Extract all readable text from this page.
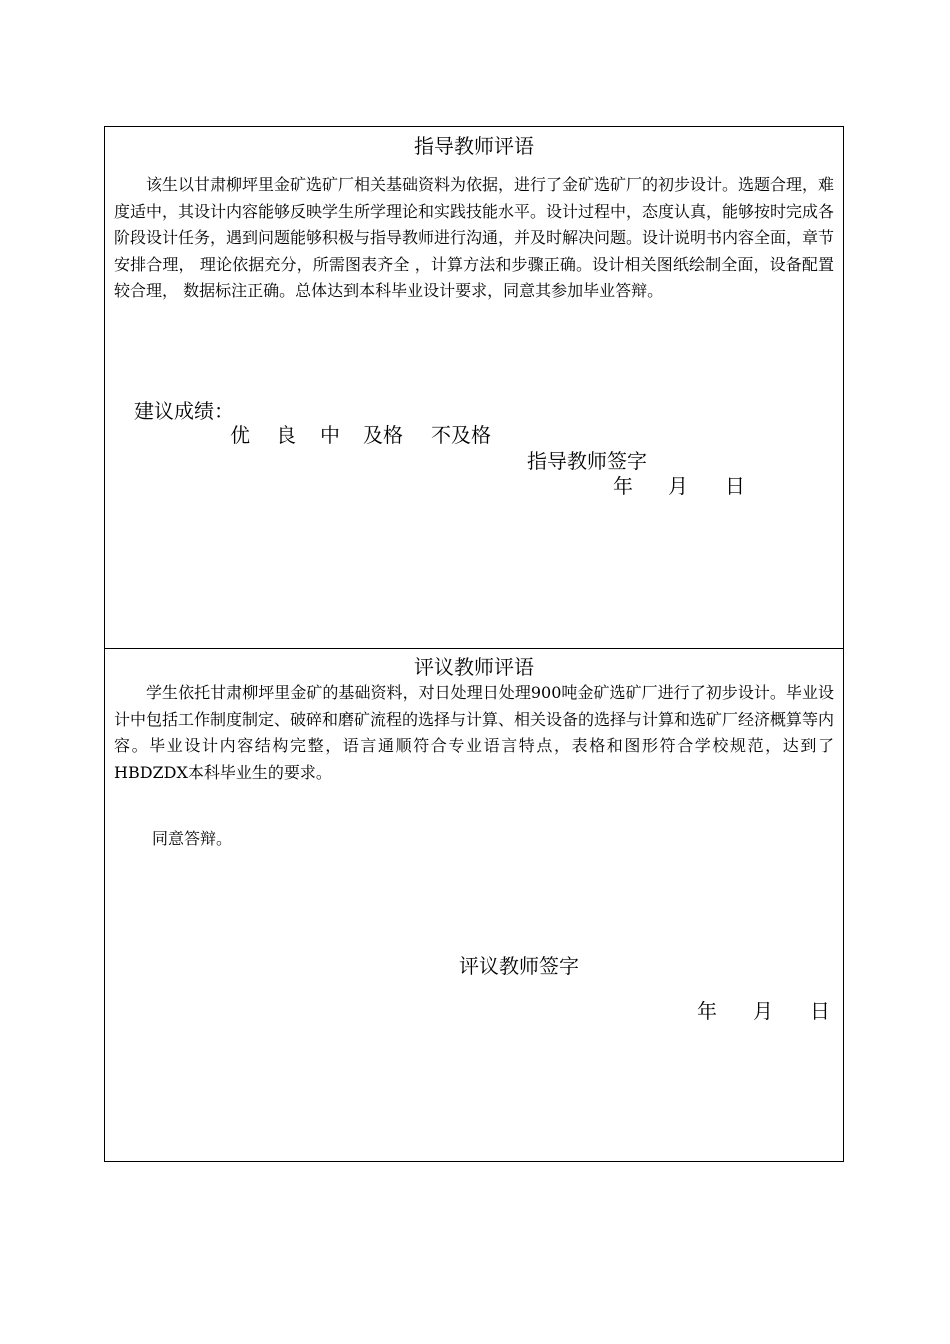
指导教师评语

该生以甘肃柳坪里金矿选矿厂相关基础资料为依据，进行了金矿选矿厂的初步设计。选题合理，难度适中，其设计内容能够反映学生所学理论和实践技能水平。设计过程中，态度认真，能够按时完成各阶段设计任务，遇到问题能够积极与指导教师进行沟通，并及时解决问题。设计说明书内容全面，章节安排合理， 理论依据充分，所需图表齐全 ，计算方法和步骤正确。设计相关图纸绘制全面，设备配置较合理， 数据标注正确。总体达到本科毕业设计要求，同意其参加毕业答辩。

建议成绩：
优 良 中 及格 不及格
指导教师签字
年 月 日
评议教师评语

学生依托甘肃柳坪里金矿的基础资料，对日处理日处理900吨金矿选矿厂进行了初步设计。毕业设计中包括工作制度制定、破碎和磨矿流程的选择与计算、相关设备的选择与计算和选矿厂经济概算等内容。毕业设计内容结构完整，语言通顺符合专业语言特点，表格和图形符合学校规范，达到了HBDZDX本科毕业生的要求。

同意答辩。
评议教师签字
年 月 日
